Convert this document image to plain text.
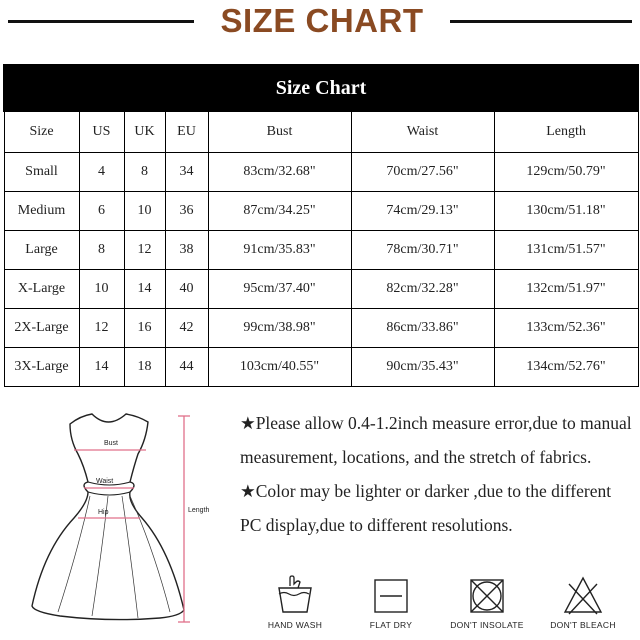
SIZE CHART
Size Chart						
Size	US	UK	EU	Bust	Waist	Length
Small	4	8	34	83cm/32.68"	70cm/27.56"	129cm/50.79"
Medium	6	10	36	87cm/34.25"	74cm/29.13"	130cm/51.18"
Large	8	12	38	91cm/35.83"	78cm/30.71"	131cm/51.57"
X-Large	10	14	40	95cm/37.40"	82cm/32.28"	132cm/51.97"
2X-Large	12	16	42	99cm/38.98"	86cm/33.86"	133cm/52.36"
3X-Large	14	18	44	103cm/40.55"	90cm/35.43"	134cm/52.76"
Bust
Waist
Hip	Length

★Please allow 0.4-1.2inch measure error,due to manual measurement, locations, and the stretch of fabrics.

★Color may be lighter or darker ,due to the different PC display,due to different resolutions.

HAND WASH	FLAT DRY	DON'T INSOLATE	DON'T BLEACH
